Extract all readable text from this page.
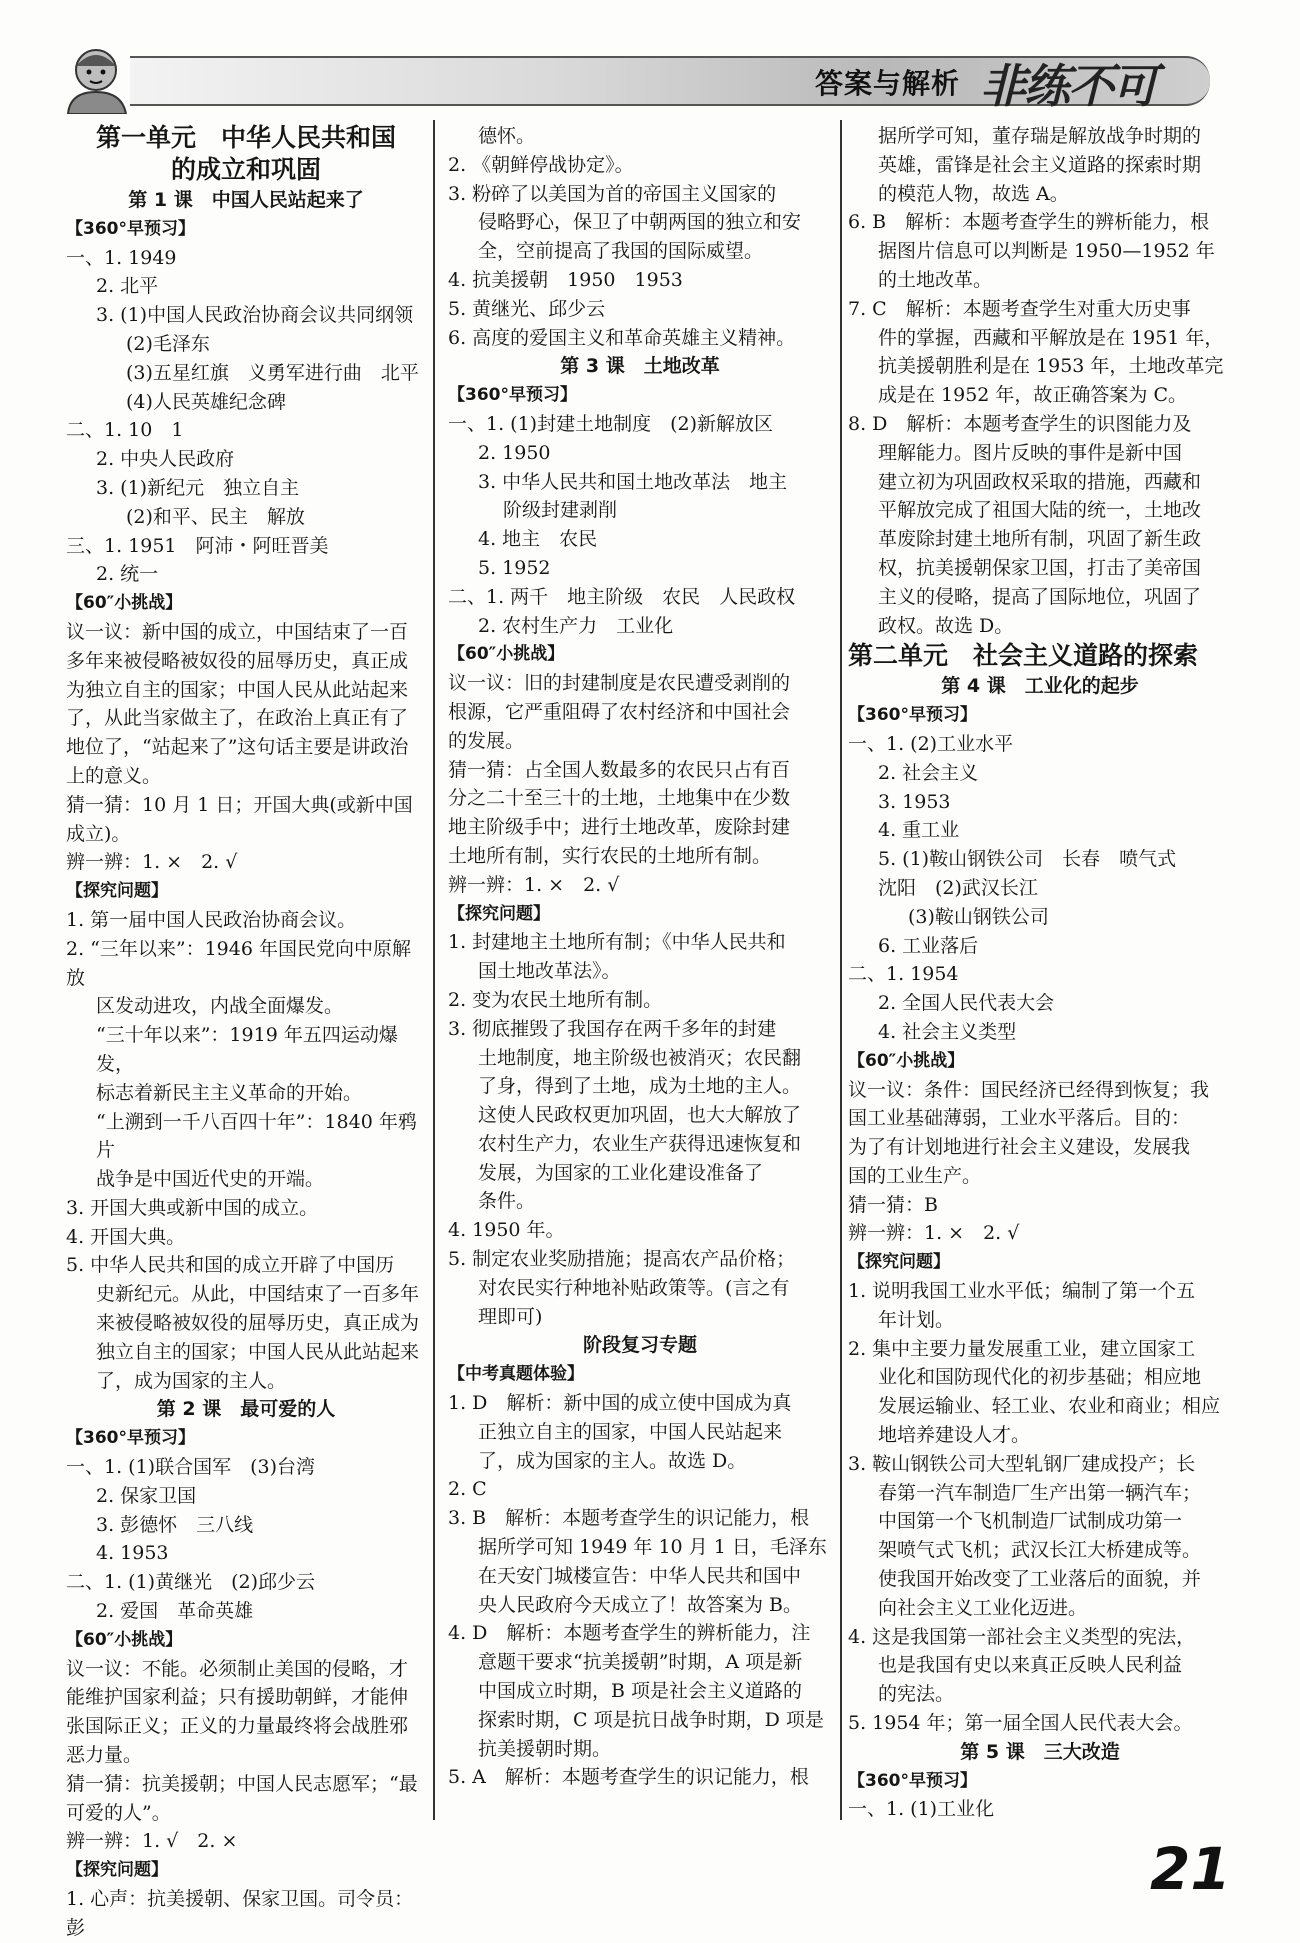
答案与解析 非练不可

第一单元　中华人民共和国

的成立和巩固

第 1 课　中国人民站起来了

【360°早预习】

一、1. 1949

2. 北平

3. (1)中国人民政治协商会议共同纲领

(2)毛泽东

(3)五星红旗　义勇军进行曲　北平

(4)人民英雄纪念碑

二、1. 10　1

2. 中央人民政府

3. (1)新纪元　独立自主

(2)和平、民主　解放

三、1. 1951　阿沛・阿旺晋美

2. 统一

【60″小挑战】

议一议：新中国的成立，中国结束了一百

多年来被侵略被奴役的屈辱历史，真正成

为独立自主的国家；中国人民从此站起来

了，从此当家做主了，在政治上真正有了

地位了，“站起来了”这句话主要是讲政治

上的意义。

猜一猜：10 月 1 日；开国大典(或新中国成立)。

辨一辨：1. ×　2. √

【探究问题】

1. 第一届中国人民政治协商会议。

2. “三年以来”：1946 年国民党向中原解放

区发动进攻，内战全面爆发。

“三十年以来”：1919 年五四运动爆发，

标志着新民主主义革命的开始。

“上溯到一千八百四十年”：1840 年鸦片

战争是中国近代史的开端。

3. 开国大典或新中国的成立。

4. 开国大典。

5. 中华人民共和国的成立开辟了中国历

史新纪元。从此，中国结束了一百多年

来被侵略被奴役的屈辱历史，真正成为

独立自主的国家；中国人民从此站起来

了，成为国家的主人。

第 2 课　最可爱的人

【360°早预习】

一、1. (1)联合国军　(3)台湾

2. 保家卫国

3. 彭德怀　三八线

4. 1953

二、1. (1)黄继光　(2)邱少云

2. 爱国　革命英雄

【60″小挑战】

议一议：不能。必须制止美国的侵略，才

能维护国家利益；只有援助朝鲜，才能伸

张国际正义；正义的力量最终将会战胜邪

恶力量。

猜一猜：抗美援朝；中国人民志愿军；“最

可爱的人”。

辨一辨：1. √　2. ×

【探究问题】

1. 心声：抗美援朝、保家卫国。司令员：彭

德怀。

2. 《朝鲜停战协定》。

3. 粉碎了以美国为首的帝国主义国家的

侵略野心，保卫了中朝两国的独立和安

全，空前提高了我国的国际威望。

4. 抗美援朝　1950　1953

5. 黄继光、邱少云

6. 高度的爱国主义和革命英雄主义精神。

第 3 课　土地改革

【360°早预习】

一、1. (1)封建土地制度　(2)新解放区

2. 1950

3. 中华人民共和国土地改革法　地主

阶级封建剥削

4. 地主　农民

5. 1952

二、1. 两千　地主阶级　农民　人民政权

2. 农村生产力　工业化

【60″小挑战】

议一议：旧的封建制度是农民遭受剥削的

根源，它严重阻碍了农村经济和中国社会

的发展。

猜一猜：占全国人数最多的农民只占有百

分之二十至三十的土地，土地集中在少数

地主阶级手中；进行土地改革，废除封建

土地所有制，实行农民的土地所有制。

辨一辨：1. ×　2. √

【探究问题】

1. 封建地主土地所有制；《中华人民共和

国土地改革法》。

2. 变为农民土地所有制。

3. 彻底摧毁了我国存在两千多年的封建

土地制度，地主阶级也被消灭；农民翻

了身，得到了土地，成为土地的主人。

这使人民政权更加巩固，也大大解放了

农村生产力，农业生产获得迅速恢复和

发展，为国家的工业化建设准备了

条件。

4. 1950 年。

5. 制定农业奖励措施；提高农产品价格；

对农民实行种地补贴政策等。(言之有

理即可)

阶段复习专题

【中考真题体验】

1. D　解析：新中国的成立使中国成为真

正独立自主的国家，中国人民站起来

了，成为国家的主人。故选 D。

2. C

3. B　解析：本题考查学生的识记能力，根

据所学可知 1949 年 10 月 1 日，毛泽东

在天安门城楼宣告：中华人民共和国中

央人民政府今天成立了！故答案为 B。

4. D　解析：本题考查学生的辨析能力，注

意题干要求“抗美援朝”时期，A 项是新

中国成立时期，B 项是社会主义道路的

探索时期，C 项是抗日战争时期，D 项是

抗美援朝时期。

5. A　解析：本题考查学生的识记能力，根

据所学可知，董存瑞是解放战争时期的

英雄，雷锋是社会主义道路的探索时期

的模范人物，故选 A。

6. B　解析：本题考查学生的辨析能力，根

据图片信息可以判断是 1950—1952 年

的土地改革。

7. C　解析：本题考查学生对重大历史事

件的掌握，西藏和平解放是在 1951 年，

抗美援朝胜利是在 1953 年，土地改革完

成是在 1952 年，故正确答案为 C。

8. D　解析：本题考查学生的识图能力及

理解能力。图片反映的事件是新中国

建立初为巩固政权采取的措施，西藏和

平解放完成了祖国大陆的统一，土地改

革废除封建土地所有制，巩固了新生政

权，抗美援朝保家卫国，打击了美帝国

主义的侵略，提高了国际地位，巩固了

政权。故选 D。

第二单元　社会主义道路的探索

第 4 课　工业化的起步

【360°早预习】

一、1. (2)工业水平

2. 社会主义

3. 1953

4. 重工业

5. (1)鞍山钢铁公司　长春　喷气式

沈阳　(2)武汉长江

(3)鞍山钢铁公司

6. 工业落后

二、1. 1954

2. 全国人民代表大会

4. 社会主义类型

【60″小挑战】

议一议：条件：国民经济已经得到恢复；我

国工业基础薄弱，工业水平落后。目的：

为了有计划地进行社会主义建设，发展我

国的工业生产。

猜一猜：B

辨一辨：1. ×　2. √

【探究问题】

1. 说明我国工业水平低；编制了第一个五

年计划。

2. 集中主要力量发展重工业，建立国家工

业化和国防现代化的初步基础；相应地

发展运输业、轻工业、农业和商业；相应

地培养建设人才。

3. 鞍山钢铁公司大型轧钢厂建成投产；长

春第一汽车制造厂生产出第一辆汽车；

中国第一个飞机制造厂试制成功第一

架喷气式飞机；武汉长江大桥建成等。

使我国开始改变了工业落后的面貌，并

向社会主义工业化迈进。

4. 这是我国第一部社会主义类型的宪法，

也是我国有史以来真正反映人民利益

的宪法。

5. 1954 年；第一届全国人民代表大会。

第 5 课　三大改造

【360°早预习】

一、1. (1)工业化

21
